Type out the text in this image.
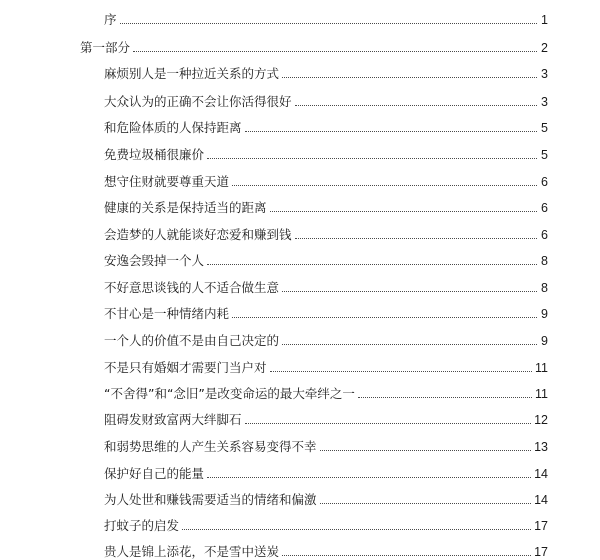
序	1
第一部分	2
麻烦别人是一种拉近关系的方式	3
大众认为的正确不会让你活得很好	3
和危险体质的人保持距离	5
免费垃圾桶很廉价	5
想守住财就要尊重天道	6
健康的关系是保持适当的距离	6
会造梦的人就能谈好恋爱和赚到钱	6
安逸会毁掉一个人	8
不好意思谈钱的人不适合做生意	8
不甘心是一种情绪内耗	9
一个人的价值不是由自己决定的	9
不是只有婚姻才需要门当户对	11
“不舍得”和“念旧”是改变命运的最大牵绊之一	11
阻碍发财致富两大绊脚石	12
和弱势思维的人产生关系容易变得不幸	13
保护好自己的能量	14
为人处世和赚钱需要适当的情绪和偏激	14
打蚊子的启发	17
贵人是锦上添花，不是雪中送炭	17
